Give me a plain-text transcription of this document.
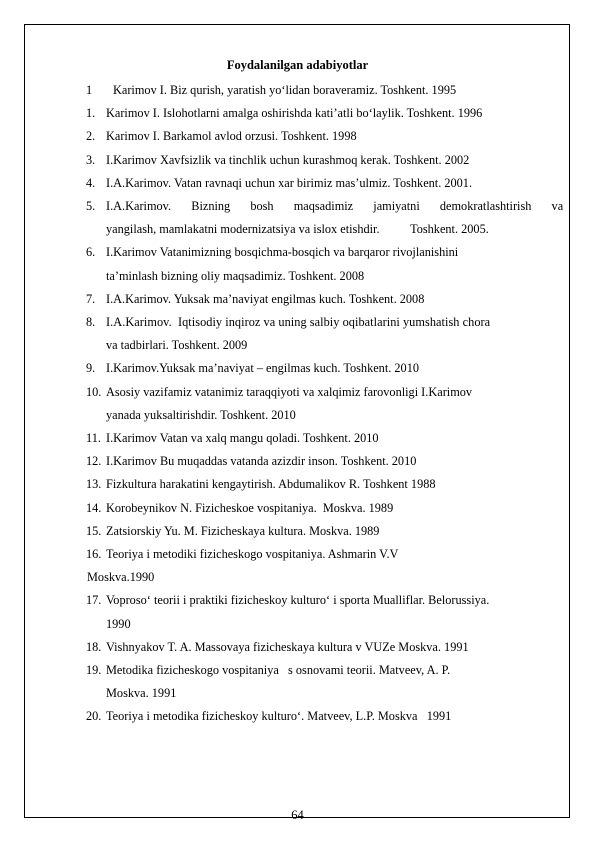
Foydalanilgan adabiyotlar
1	Karimov I. Biz qurish, yaratish yo‘lidan boraveramiz. Toshkent. 1995
1. Karimov I. Islohotlarni amalga oshirishda kati’atli bo‘laylik. Toshkent. 1996
2. Karimov I. Barkamol avlod orzusi. Toshkent. 1998
3. I.Karimov Xavfsizlik va tinchlik uchun kurashmoq kerak. Toshkent. 2002
4. I.A.Karimov. Vatan ravnaqi uchun xar birimiz mas’ulmiz. Toshkent. 2001.
5. I.A.Karimov.  Bizning  bosh  maqsadimiz  jamiyatni  demokratlashtirish  va
yangilash, mamlakatni modernizatsiya va islox etishdir.          Toshkent. 2005.
6. I.Karimov Vatanimizning bosqichma-bosqich va barqaror rivojlanishini
ta’minlash bizning oliy maqsadimiz. Toshkent. 2008
7. I.A.Karimov. Yuksak ma’naviyat engilmas kuch. Toshkent. 2008
8. I.A.Karimov.  Iqtisodiy inqiroz va uning salbiy oqibatlarini yumshatish chora
va tadbirlari. Toshkent. 2009
9. I.Karimov.Yuksak ma’naviyat – engilmas kuch. Toshkent. 2010
10. Asosiy vazifamiz vatanimiz taraqqiyoti va xalqimiz farovonligi I.Karimov
yanada yuksaltirishdir. Toshkent. 2010
11. I.Karimov Vatan va xalq mangu qoladi. Toshkent. 2010
12. I.Karimov Bu muqaddas vatanda azizdir inson. Toshkent. 2010
13. Fizkultura harakatini kengaytirish. Abdumalikov R. Toshkent 1988
14. Korobeynikov N. Fizicheskoe vospitaniya.  Moskva. 1989
15. Zatsiorskiy Yu. M. Fizicheskaya kultura. Moskva. 1989
16. Teoriya i metodiki fizicheskogo vospitaniya. Ashmarin V.V
Moskva.1990
17. Voproso‘ teorii i praktiki fizicheskoy kulturo‘ i sporta Mualliflar. Belorussiya.
1990
18. Vishnyakov T. A. Massovaya fizicheskaya kultura v VUZe Moskva. 1991
19. Metodika fizicheskogo vospitaniya   s osnovami teorii. Matveev, A. P.
Moskva. 1991
20. Teoriya i metodika fizicheskoy kulturo‘. Matveev, L.P. Moskva   1991
64
